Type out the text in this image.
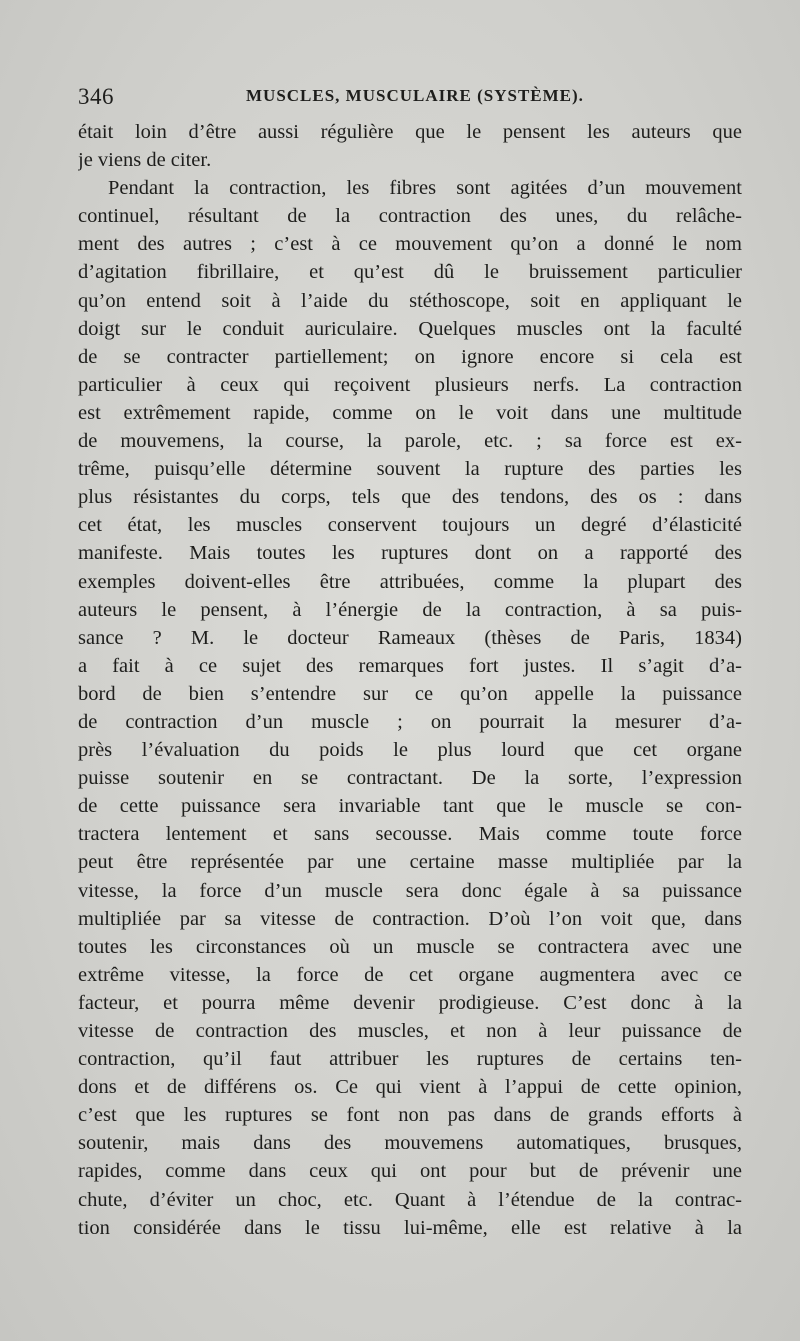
346	MUSCLES, MUSCULAIRE (SYSTÈME).
était loin d’être aussi régulière que le pensent les auteurs que
je viens de citer.
Pendant la contraction, les fibres sont agitées d’un mouvement
continuel, résultant de la contraction des unes, du relâche-
ment des autres ; c’est à ce mouvement qu’on a donné le nom
d’agitation fibrillaire, et qu’est dû le bruissement particulier
qu’on entend soit à l’aide du stéthoscope, soit en appliquant le
doigt sur le conduit auriculaire. Quelques muscles ont la faculté
de se contracter partiellement; on ignore encore si cela est
particulier à ceux qui reçoivent plusieurs nerfs. La contraction
est extrêmement rapide, comme on le voit dans une multitude
de mouvemens, la course, la parole, etc. ; sa force est ex-
trême, puisqu’elle détermine souvent la rupture des parties les
plus résistantes du corps, tels que des tendons, des os : dans
cet état, les muscles conservent toujours un degré d’élasticité
manifeste. Mais toutes les ruptures dont on a rapporté des
exemples doivent-elles être attribuées, comme la plupart des
auteurs le pensent, à l’énergie de la contraction, à sa puis-
sance ? M. le docteur Rameaux (thèses de Paris, 1834)
a fait à ce sujet des remarques fort justes. Il s’agit d’a-
bord de bien s’entendre sur ce qu’on appelle la puissance
de contraction d’un muscle ; on pourrait la mesurer d’a-
près l’évaluation du poids le plus lourd que cet organe
puisse soutenir en se contractant. De la sorte, l’expression
de cette puissance sera invariable tant que le muscle se con-
tractera lentement et sans secousse. Mais comme toute force
peut être représentée par une certaine masse multipliée par la
vitesse, la force d’un muscle sera donc égale à sa puissance
multipliée par sa vitesse de contraction. D’où l’on voit que, dans
toutes les circonstances où un muscle se contractera avec une
extrême vitesse, la force de cet organe augmentera avec ce
facteur, et pourra même devenir prodigieuse. C’est donc à la
vitesse de contraction des muscles, et non à leur puissance de
contraction, qu’il faut attribuer les ruptures de certains ten-
dons et de différens os. Ce qui vient à l’appui de cette opinion,
c’est que les ruptures se font non pas dans de grands efforts à
soutenir, mais dans des mouvemens automatiques, brusques,
rapides, comme dans ceux qui ont pour but de prévenir une
chute, d’éviter un choc, etc. Quant à l’étendue de la contrac-
tion considérée dans le tissu lui-même, elle est relative à la
